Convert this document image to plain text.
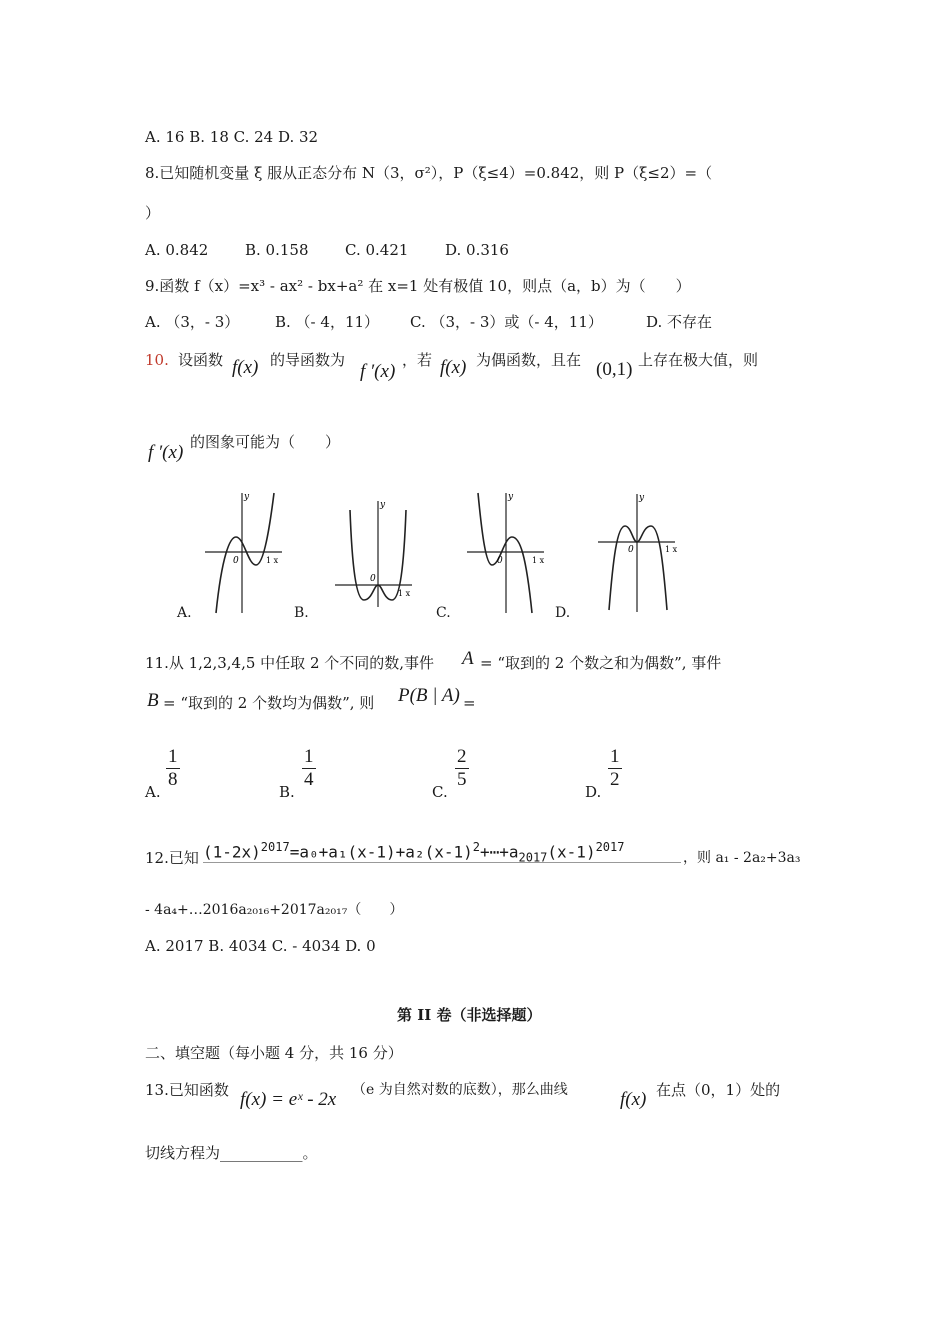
A. 16 B. 18 C. 24 D. 32
8.已知随机变量 ξ 服从正态分布 N（3，σ²），P（ξ≤4）=0.842，则 P（ξ≤2）=（
）
A. 0.842 B. 0.158 C. 0.421 D. 0.316
9.函数 f（x）=x³ - ax² - bx+a² 在 x=1 处有极值 10，则点（a，b）为（　　）
A. （3，- 3） B. （- 4，11） C. （3，- 3）或（- 4，11）	D. 不存在
10. 设函数 f(x) 的导函数为
f ′(x)
，若 f(x) 为偶函数，且在 (0,1) 上存在极大值，则
f ′(x) 的图象可能为（　　）
y
1 x
0
y
1 x
0
y
1 x
0
y
1 x
0
A.	B.	C.	D.
11.从 1,2,3,4,5 中任取 2 个不同的数,事件 A = “取到的 2 个数之和为偶数”, 事件
B = “取到的 2 个数均为偶数”, 则 P(B | A) =
A.
$\frac{1}{8}$
B.
$\frac{1}{4}$
C.
$\frac{2}{5}$
D.
$\frac{1}{2}$
12.已知 $(1-2x)^{2017}=a_0+a_1(x-1)+a_2(x-1)^2+\cdots+a_{2017}(x-1)^{2017}$
，则 a₁ - 2a₂+3a₃
- 4a₄+…2016a₂₀₁₆+2017a₂₀₁₇（　　）
A. 2017 B. 4034 C. - 4034 D. 0
第 II 卷（非选择题）
二、填空题（每小题 4 分，共 16 分）
13.已知函数 f(x) = eˣ - 2x （e 为自然对数的底数），那么曲线	f(x) 在点（0，1）处的
切线方程为___________。
